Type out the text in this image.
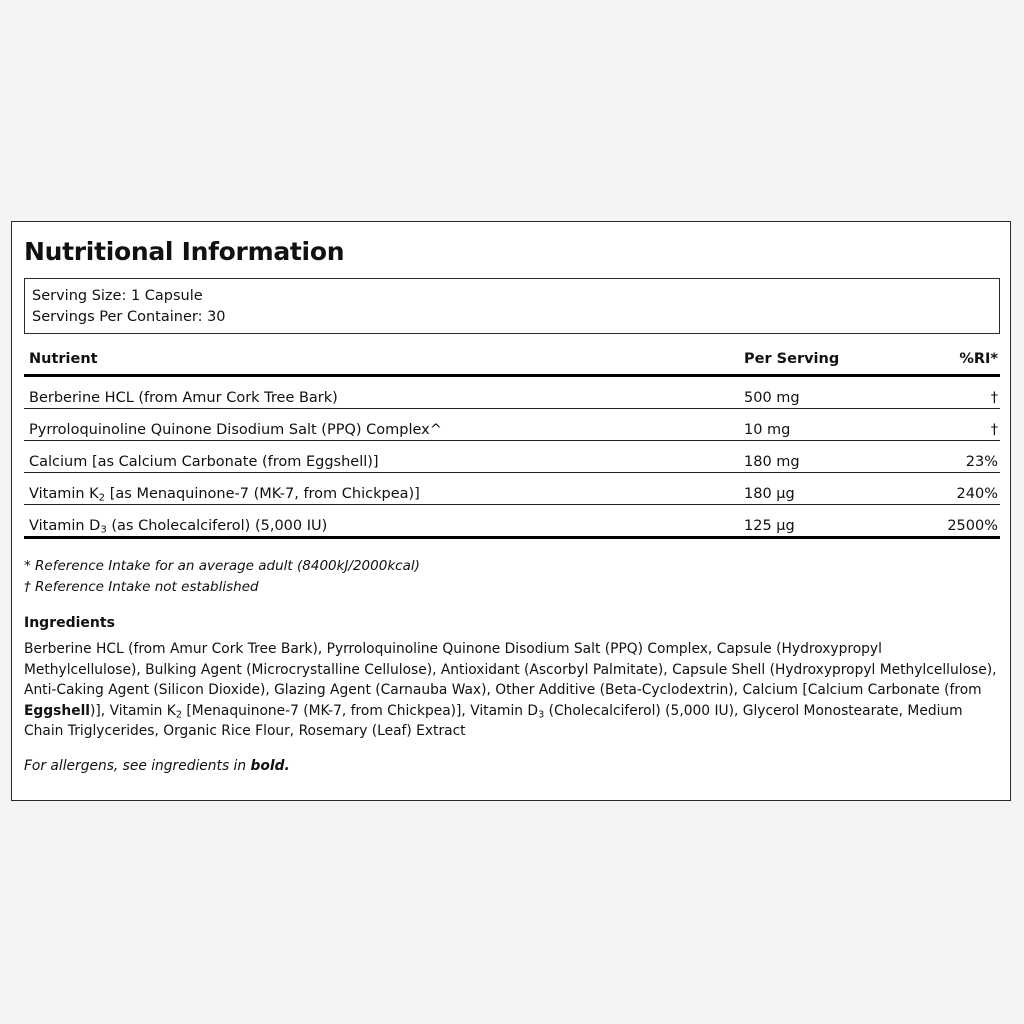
Nutritional Information
Serving Size: 1 Capsule
Servings Per Container: 30
Nutrient	Per Serving	%RI*
Berberine HCL (from Amur Cork Tree Bark)	500 mg	†
Pyrroloquinoline Quinone Disodium Salt (PPQ) Complex^	10 mg	†
Calcium [as Calcium Carbonate (from Eggshell)]	180 mg	23%
Vitamin $K_2$ [as Menaquinone-7 (MK-7, from Chickpea)]	180 µg	240%
Vitamin $D_3$ (as Cholecalciferol) (5,000 IU)	125 µg	2500%
* Reference Intake for an average adult (8400kJ/2000kcal)
† Reference Intake not established
Ingredients

Berberine HCL (from Amur Cork Tree Bark), Pyrroloquinoline Quinone Disodium Salt (PPQ) Complex, Capsule (Hydroxypropyl Methylcellulose), Bulking Agent (Microcrystalline Cellulose), Antioxidant (Ascorbyl Palmitate), Capsule Shell (Hydroxypropyl Methylcellulose), Anti-Caking Agent (Silicon Dioxide), Glazing Agent (Carnauba Wax), Other Additive (Beta-Cyclodextrin), Calcium [Calcium Carbonate (from Eggshell)], Vitamin $K_2$ [Menaquinone-7 (MK-7, from Chickpea)], Vitamin $D_3$ (Cholecalciferol) (5,000 IU), Glycerol Monostearate, Medium Chain Triglycerides, Organic Rice Flour, Rosemary (Leaf) Extract

For allergens, see ingredients in bold.
